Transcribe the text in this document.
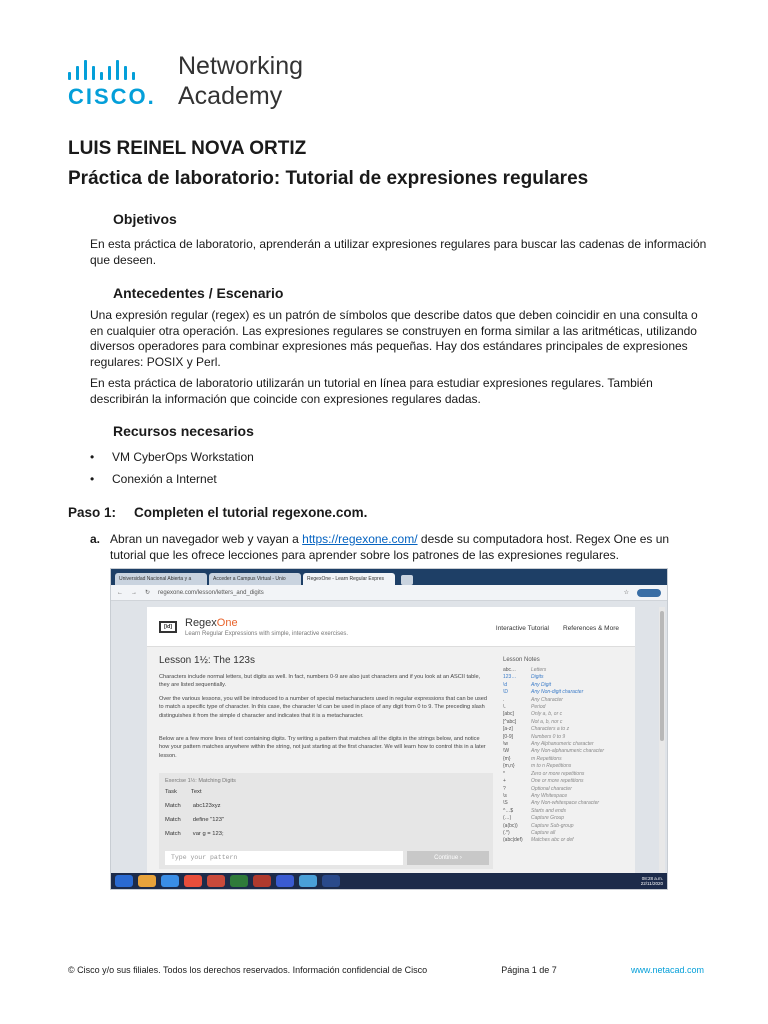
CISCO.
Networking
Academy
LUIS REINEL NOVA ORTIZ
Práctica de laboratorio: Tutorial de expresiones regulares
Objetivos
En esta práctica de laboratorio, aprenderán a utilizar expresiones regulares para buscar las cadenas de información que deseen.
Antecedentes / Escenario
Una expresión regular (regex) es un patrón de símbolos que describe datos que deben coincidir en una consulta o en cualquier otra operación. Las expresiones regulares se construyen en forma similar a las aritméticas, utilizando diversos operadores para combinar expresiones más pequeñas. Hay dos estándares principales de expresiones regulares: POSIX y Perl.
En esta práctica de laboratorio utilizarán un tutorial en línea para estudiar expresiones regulares. También describirán la información que coincide con expresiones regulares dadas.
Recursos necesarios
• VM CyberOps Workstation
• Conexión a Internet
Paso 1: Completen el tutorial regexone.com.
a. Abran un navegador web y vayan a https://regexone.com/ desde su computadora host. Regex One es un tutorial que les ofrece lecciones para aprender sobre los patrones de las expresiones regulares.
Universidad Nacional Abierta y a	Acceder a Campus Virtual - Unio	RegexOne - Learn Regular Expres
← → ↻ regexone.com/lesson/letters_and_digits	☆
[\d]	RegexOne
Learn Regular Expressions with simple, interactive exercises.
Interactive Tutorial References & More
Lesson 1½: The 123s
Characters include normal letters, but digits as well. In fact, numbers 0-9 are also just characters and if you look at an ASCII table, they are listed sequentially.
Over the various lessons, you will be introduced to a number of special metacharacters used in regular expressions that can be used to match a specific type of character. In this case, the character \d can be used in place of any digit from 0 to 9. The preceding slash distinguishes it from the simple d character and indicates that it is a metacharacter.
Below are a few more lines of text containing digits. Try writing a pattern that matches all the digits in the strings below, and notice how your pattern matches anywhere within the string, not just starting at the first character. We will learn how to control this in a later lesson.
Exercise 1½: Matching Digits
Task Text
Match abc123xyz
Match define "123"
Match var g = 123;
Type your pattern	Continue ›
Lesson Notes
abc…	Letters
123…	Digits
\d	Any Digit
\D	Any Non-digit character
.	Any Character
\.	Period
[abc]	Only a, b, or c
[^abc]	Not a, b, nor c
[a-z]	Characters a to z
[0-9]	Numbers 0 to 9
\w	Any Alphanumeric character
\W	Any Non-alphanumeric character
{m}	m Repetitions
{m,n}	m to n Repetitions
*	Zero or more repetitions
+	One or more repetitions
?	Optional character
\s	Any Whitespace
\S	Any Non-whitespace character
^…$	Starts and ends
(…)	Capture Group
(a(bc))	Capture Sub-group
(.*)	Capture all
(abc|def)	Matches abc or def
08:28 a.m.
22/11/2020
© Cisco y/o sus filiales. Todos los derechos reservados. Información confidencial de Cisco	Página 1 de 7	www.netacad.com
